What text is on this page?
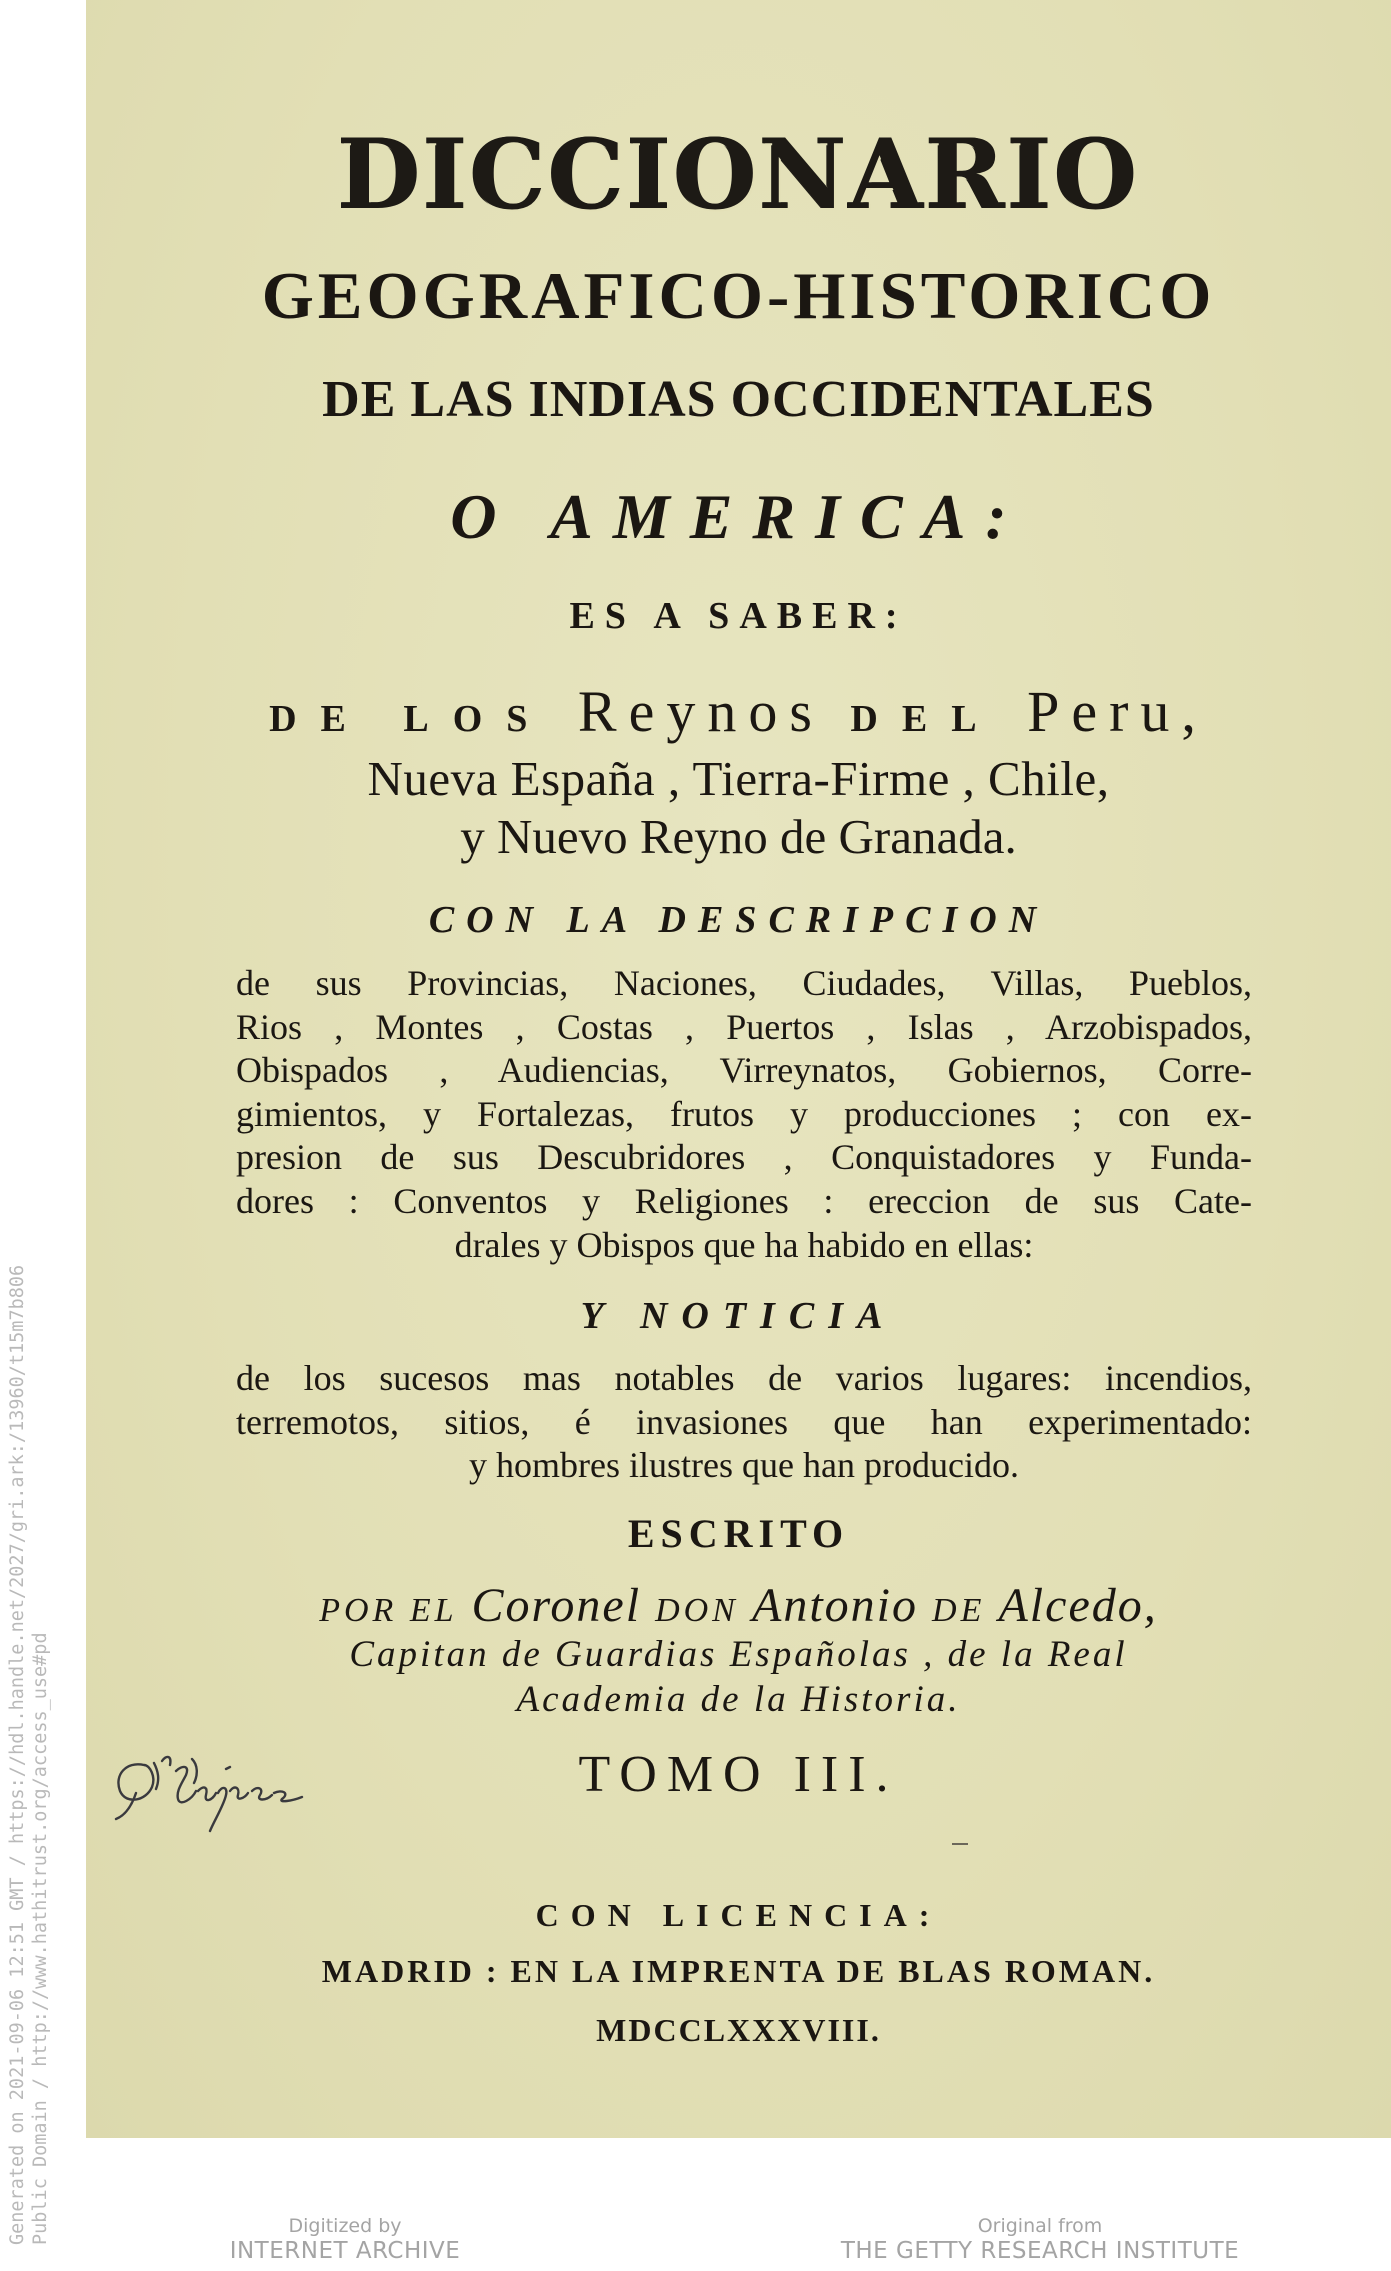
Generated on 2021-09-06 12:51 GMT / https://hdl.handle.net/2027/gri.ark:/13960/t15m7b806 Public Domain / http://www.hathitrust.org/access_use#pd
DICCIONARIO
GEOGRAFICO-HISTORICO
DE LAS INDIAS OCCIDENTALES
O AMERICA:
ES A SABER:
DE LOS Reynos DEL Peru,
Nueva España , Tierra-Firme , Chile,
y Nuevo Reyno de Granada.
CON LA DESCRIPCION
de sus Provincias, Naciones, Ciudades, Villas, Pueblos,
Rios , Montes , Costas , Puertos , Islas , Arzobispados,
Obispados , Audiencias, Virreynatos, Gobiernos, Corre-
gimientos, y Fortalezas, frutos y producciones ; con ex-
presion de sus Descubridores , Conquistadores y Funda-
dores : Conventos y Religiones : ereccion de sus Cate-
drales y Obispos que ha habido en ellas:
Y NOTICIA
de los sucesos mas notables de varios lugares: incendios,
terremotos, sitios, é invasiones que han experimentado:
y hombres ilustres que han producido.
ESCRITO
POR EL Coronel DON Antonio DE Alcedo,
Capitan de Guardias Españolas , de la Real
Academia de la Historia.
TOMO III.
CON LICENCIA:
MADRID : EN LA IMPRENTA DE BLAS ROMAN.
MDCCLXXXVIII.
Digitized by
INTERNET ARCHIVE
Original from
THE GETTY RESEARCH INSTITUTE
